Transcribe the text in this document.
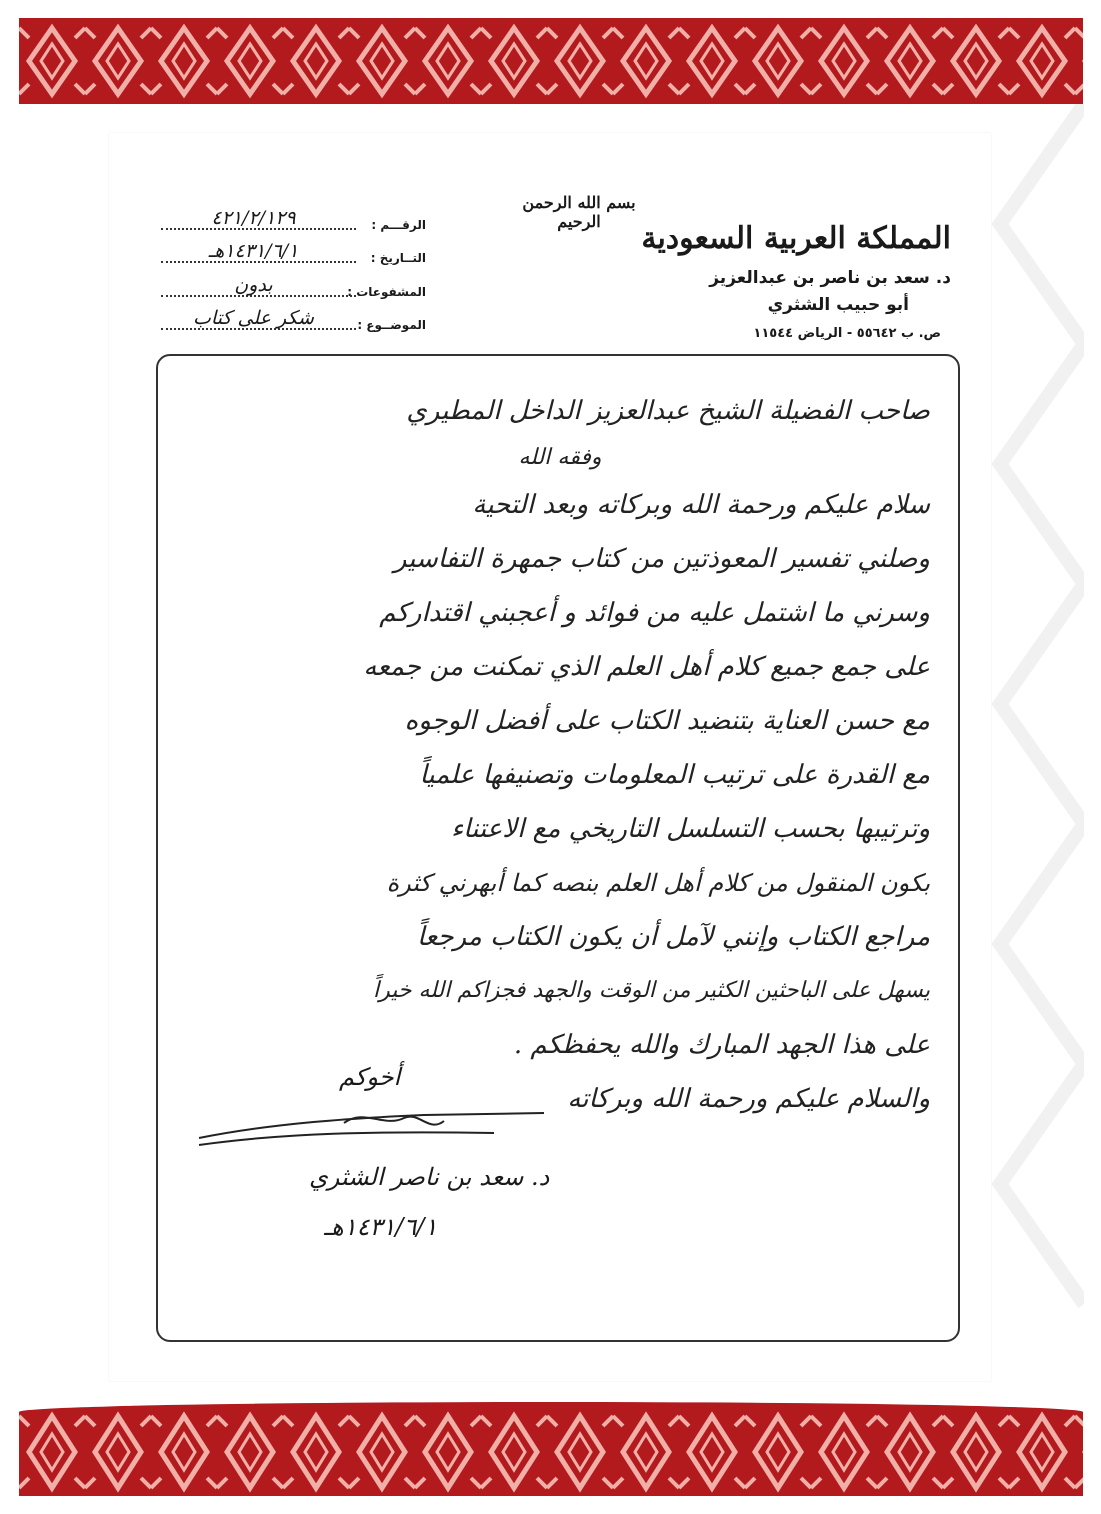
بسم الله الرحمن الرحيم	المملكة العربية السعودية
د. سعد بن ناصر بن عبدالعزيز
أبو حبيب الشثري
ص. ب ٥٥٦٤٢ - الرياض ١١٥٤٤
الرقـــم :
٤٢١/٢/١٢٩
التــاريخ :
١٤٣١/٦/١هـ
المشفوعات :
بدون
الموضــوع :
شكر على كتاب
صاحب الفضيلة الشيخ عبدالعزيز الداخل المطيري
وفقه الله
سلام عليكم ورحمة الله وبركاته وبعد التحية
وصلني تفسير المعوذتين من كتاب جمهرة التفاسير
وسرني ما اشتمل عليه من فوائد و أعجبني اقتداركم
على جمع جميع كلام أهل العلم الذي تمكنت من جمعه
مع حسن العناية بتنضيد الكتاب على أفضل الوجوه
مع القدرة على ترتيب المعلومات وتصنيفها علمياً
وترتيبها بحسب التسلسل التاريخي مع الاعتناء
بكون المنقول من كلام أهل العلم بنصه كما أبهرني كثرة
مراجع الكتاب وإنني لآمل أن يكون الكتاب مرجعاً
يسهل على الباحثين الكثير من الوقت والجهد فجزاكم الله خيراً
على هذا الجهد المبارك والله يحفظكم .
والسلام عليكم ورحمة الله وبركاته
أخوكم
د. سعد بن ناصر الشثري
١٤٣١/٦/١هـ
